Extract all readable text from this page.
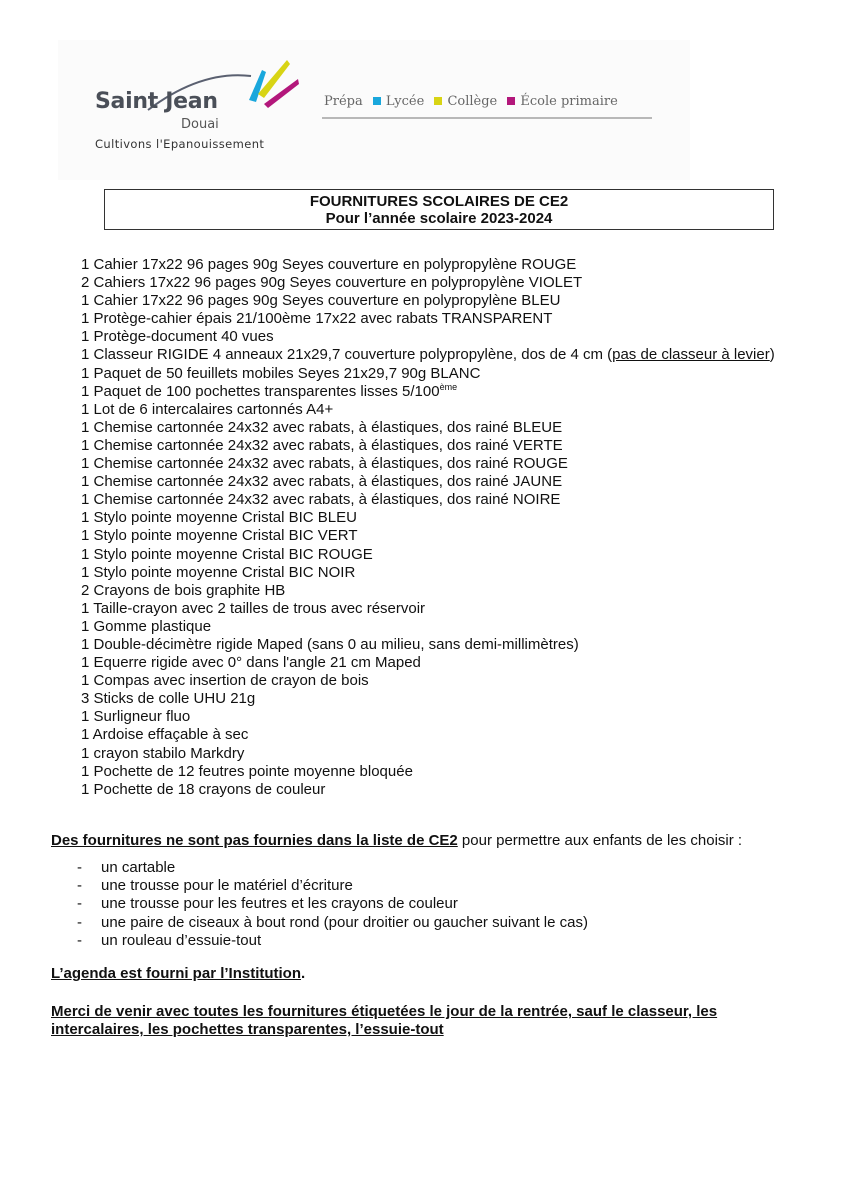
Saint Jean
Douai
Cultivons l'Epanouissement
Prépa Lycée Collège École primaire
FOURNITURES SCOLAIRES DE CE2
Pour l’année scolaire 2023-2024
1 Cahier 17x22 96 pages 90g Seyes couverture en polypropylène ROUGE
2 Cahiers 17x22 96 pages 90g Seyes couverture en polypropylène VIOLET
1 Cahier 17x22 96 pages 90g Seyes couverture en polypropylène BLEU
1 Protège-cahier épais 21/100ème 17x22 avec rabats TRANSPARENT
1 Protège-document 40 vues
1 Classeur RIGIDE 4 anneaux 21x29,7 couverture polypropylène, dos de 4 cm (pas de classeur à levier)
1 Paquet de 50 feuillets mobiles Seyes 21x29,7 90g BLANC
1 Paquet de 100 pochettes transparentes lisses 5/100ème
1 Lot de 6 intercalaires cartonnés A4+
1 Chemise cartonnée 24x32 avec rabats, à élastiques, dos rainé BLEUE
1 Chemise cartonnée 24x32 avec rabats, à élastiques, dos rainé VERTE
1 Chemise cartonnée 24x32 avec rabats, à élastiques, dos rainé ROUGE
1 Chemise cartonnée 24x32 avec rabats, à élastiques, dos rainé JAUNE
1 Chemise cartonnée 24x32 avec rabats, à élastiques, dos rainé NOIRE
1 Stylo pointe moyenne Cristal BIC BLEU
1 Stylo pointe moyenne Cristal BIC VERT
1 Stylo pointe moyenne Cristal BIC ROUGE
1 Stylo pointe moyenne Cristal BIC NOIR
2 Crayons de bois graphite HB
1 Taille-crayon avec 2 tailles de trous avec réservoir
1 Gomme plastique
1 Double-décimètre rigide Maped (sans 0 au milieu, sans demi-millimètres)
1 Equerre rigide avec 0° dans l'angle 21 cm Maped
1 Compas avec insertion de crayon de bois
3 Sticks de colle UHU 21g
1 Surligneur fluo
1 Ardoise effaçable à sec
1 crayon stabilo Markdry
1 Pochette de 12 feutres pointe moyenne bloquée
1 Pochette de 18 crayons de couleur
Des fournitures ne sont pas fournies dans la liste de CE2 pour permettre aux enfants de les choisir :
- un cartable
- une trousse pour le matériel d’écriture
- une trousse pour les feutres et les crayons de couleur
- une paire de ciseaux à bout rond (pour droitier ou gaucher suivant le cas)
- un rouleau d’essuie-tout
L’agenda est fourni par l’Institution.
Merci de venir avec toutes les fournitures étiquetées le jour de la rentrée, sauf le classeur, les
intercalaires, les pochettes transparentes, l’essuie-tout
